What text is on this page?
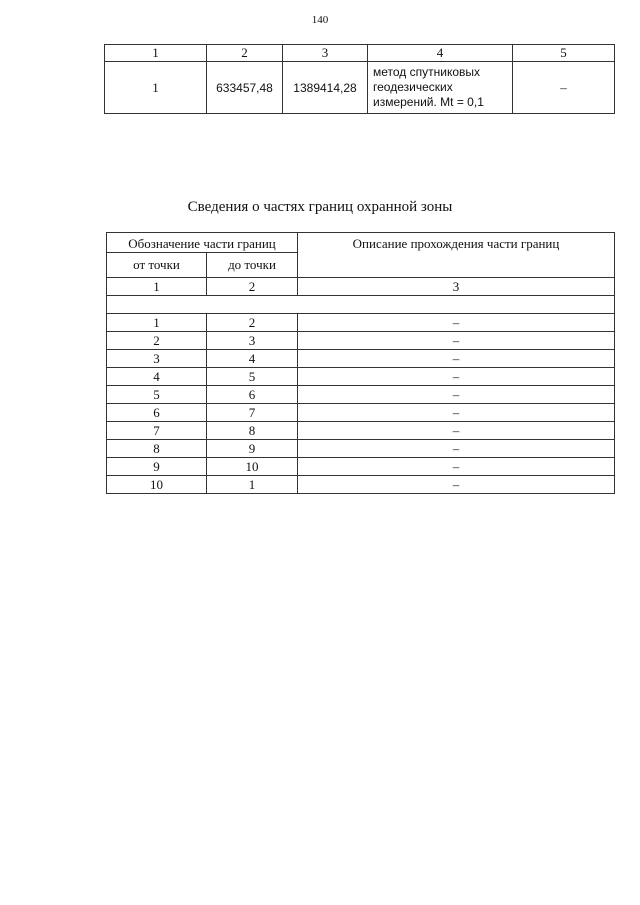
140
1	2	3	4	5
1	633457,48	1389414,28	метод спутниковых
геодезических
измерений. Mt = 0,1	–
Сведения о частях границ охранной зоны
Обозначение части границ		Описание прохождения части границ
от точки	до точки	
1	2	3

1	2	–
2	3	–
3	4	–
4	5	–
5	6	–
6	7	–
7	8	–
8	9	–
9	10	–
10	1	–
